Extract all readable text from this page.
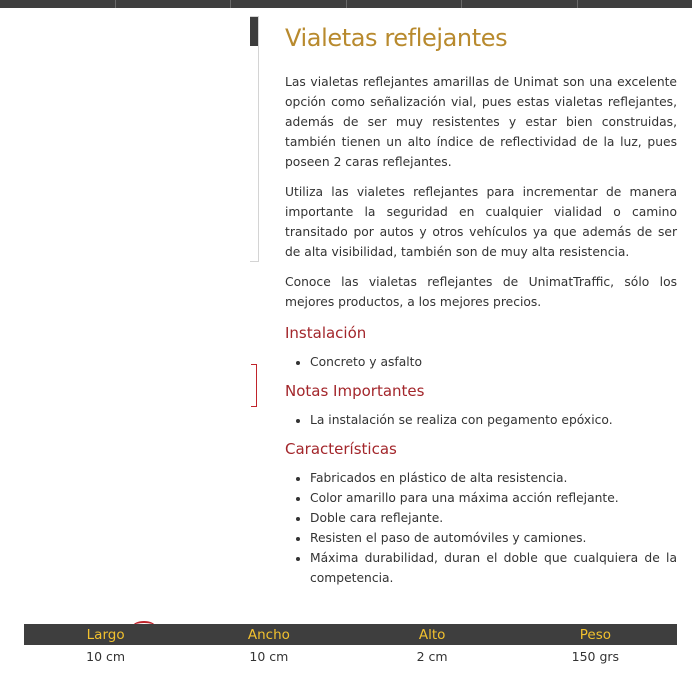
Vialetas reflejantes

Las vialetas reflejantes amarillas de Unimat son una excelente opción como señalización vial, pues estas vialetas reflejantes, además de ser muy resistentes y estar bien construidas, también tienen un alto índice de reflectividad de la luz, pues poseen 2 caras reflejantes.

Utiliza las vialetes reflejantes para incrementar de manera importante la seguridad en cualquier vialidad o camino transitado por autos y otros vehículos ya que además de ser de alta visibilidad, también son de muy alta resistencia.

Conoce las vialetas reflejantes de UnimatTraffic, sólo los mejores productos, a los mejores precios.

Instalación
• Concreto y asfalto
Notas Importantes
• La instalación se realiza con pegamento epóxico.
Características
• Fabricados en plástico de alta resistencia.
• Color amarillo para una máxima acción reflejante.
• Doble cara reflejante.
• Resisten el paso de automóviles y camiones.
• Máxima durabilidad, duran el doble que cualquiera de la competencia.
Largo	Ancho	Alto	Peso
10 cm	10 cm	2 cm	150 grs
